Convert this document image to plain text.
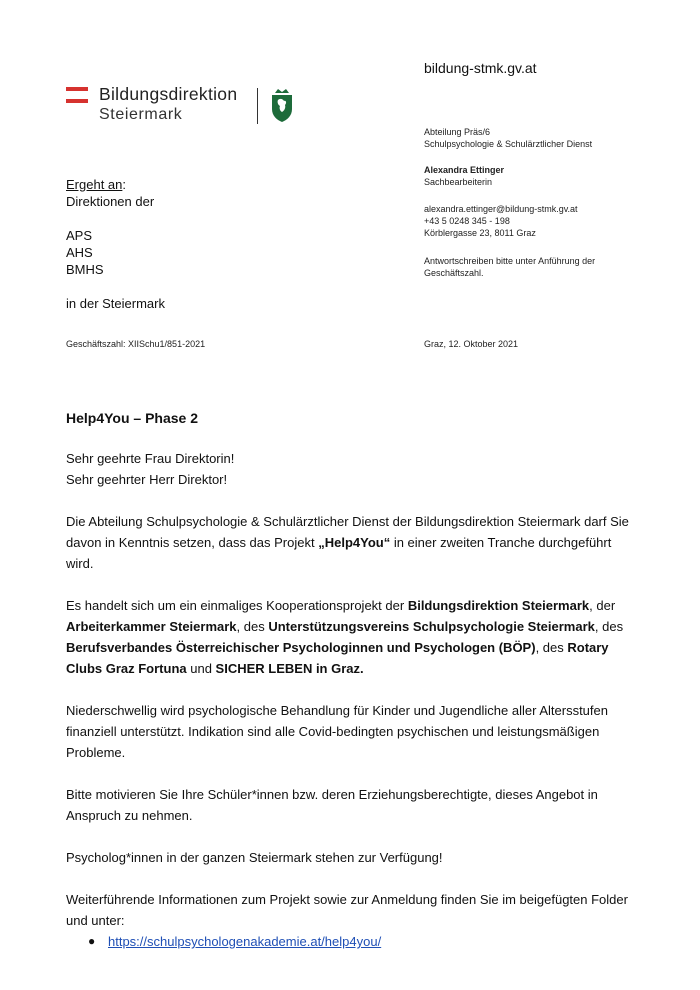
Bildungsdirektion
Steiermark
bildung-stmk.gv.at
Abteilung Präs/6
Schulpsychologie & Schulärztlicher Dienst
Alexandra Ettinger
Sachbearbeiterin
alexandra.ettinger@bildung-stmk.gv.at
+43 5 0248 345 - 198
Körblergasse 23, 8011 Graz
Antwortschreiben bitte unter Anführung der Geschäftszahl.
Ergeht an:
Direktionen der
APS
AHS
BMHS
in der Steiermark
Geschäftszahl: XIISchu1/851-2021	Graz, 12. Oktober 2021
Help4You – Phase 2

Sehr geehrte Frau Direktorin!
Sehr geehrter Herr Direktor!

Die Abteilung Schulpsychologie & Schulärztlicher Dienst der Bildungsdirektion Steiermark darf Sie davon in Kenntnis setzen, dass das Projekt „Help4You“ in einer zweiten Tranche durchgeführt wird.

Es handelt sich um ein einmaliges Kooperationsprojekt der Bildungsdirektion Steiermark, der Arbeiterkammer Steiermark, des Unterstützungsvereins Schulpsychologie Steiermark, des Berufsverbandes Österreichischer Psychologinnen und Psychologen (BÖP), des Rotary Clubs Graz Fortuna und SICHER LEBEN in Graz.

Niederschwellig wird psychologische Behandlung für Kinder und Jugendliche aller Altersstufen finanziell unterstützt. Indikation sind alle Covid-bedingten psychischen und leistungsmäßigen Probleme.

Bitte motivieren Sie Ihre Schüler*innen bzw. deren Erziehungsberechtigte, dieses Angebot in Anspruch zu nehmen.

Psycholog*innen in der ganzen Steiermark stehen zur Verfügung!

Weiterführende Informationen zum Projekt sowie zur Anmeldung finden Sie im beigefügten Folder und unter:

● https://schulpsychologenakademie.at/help4you/
